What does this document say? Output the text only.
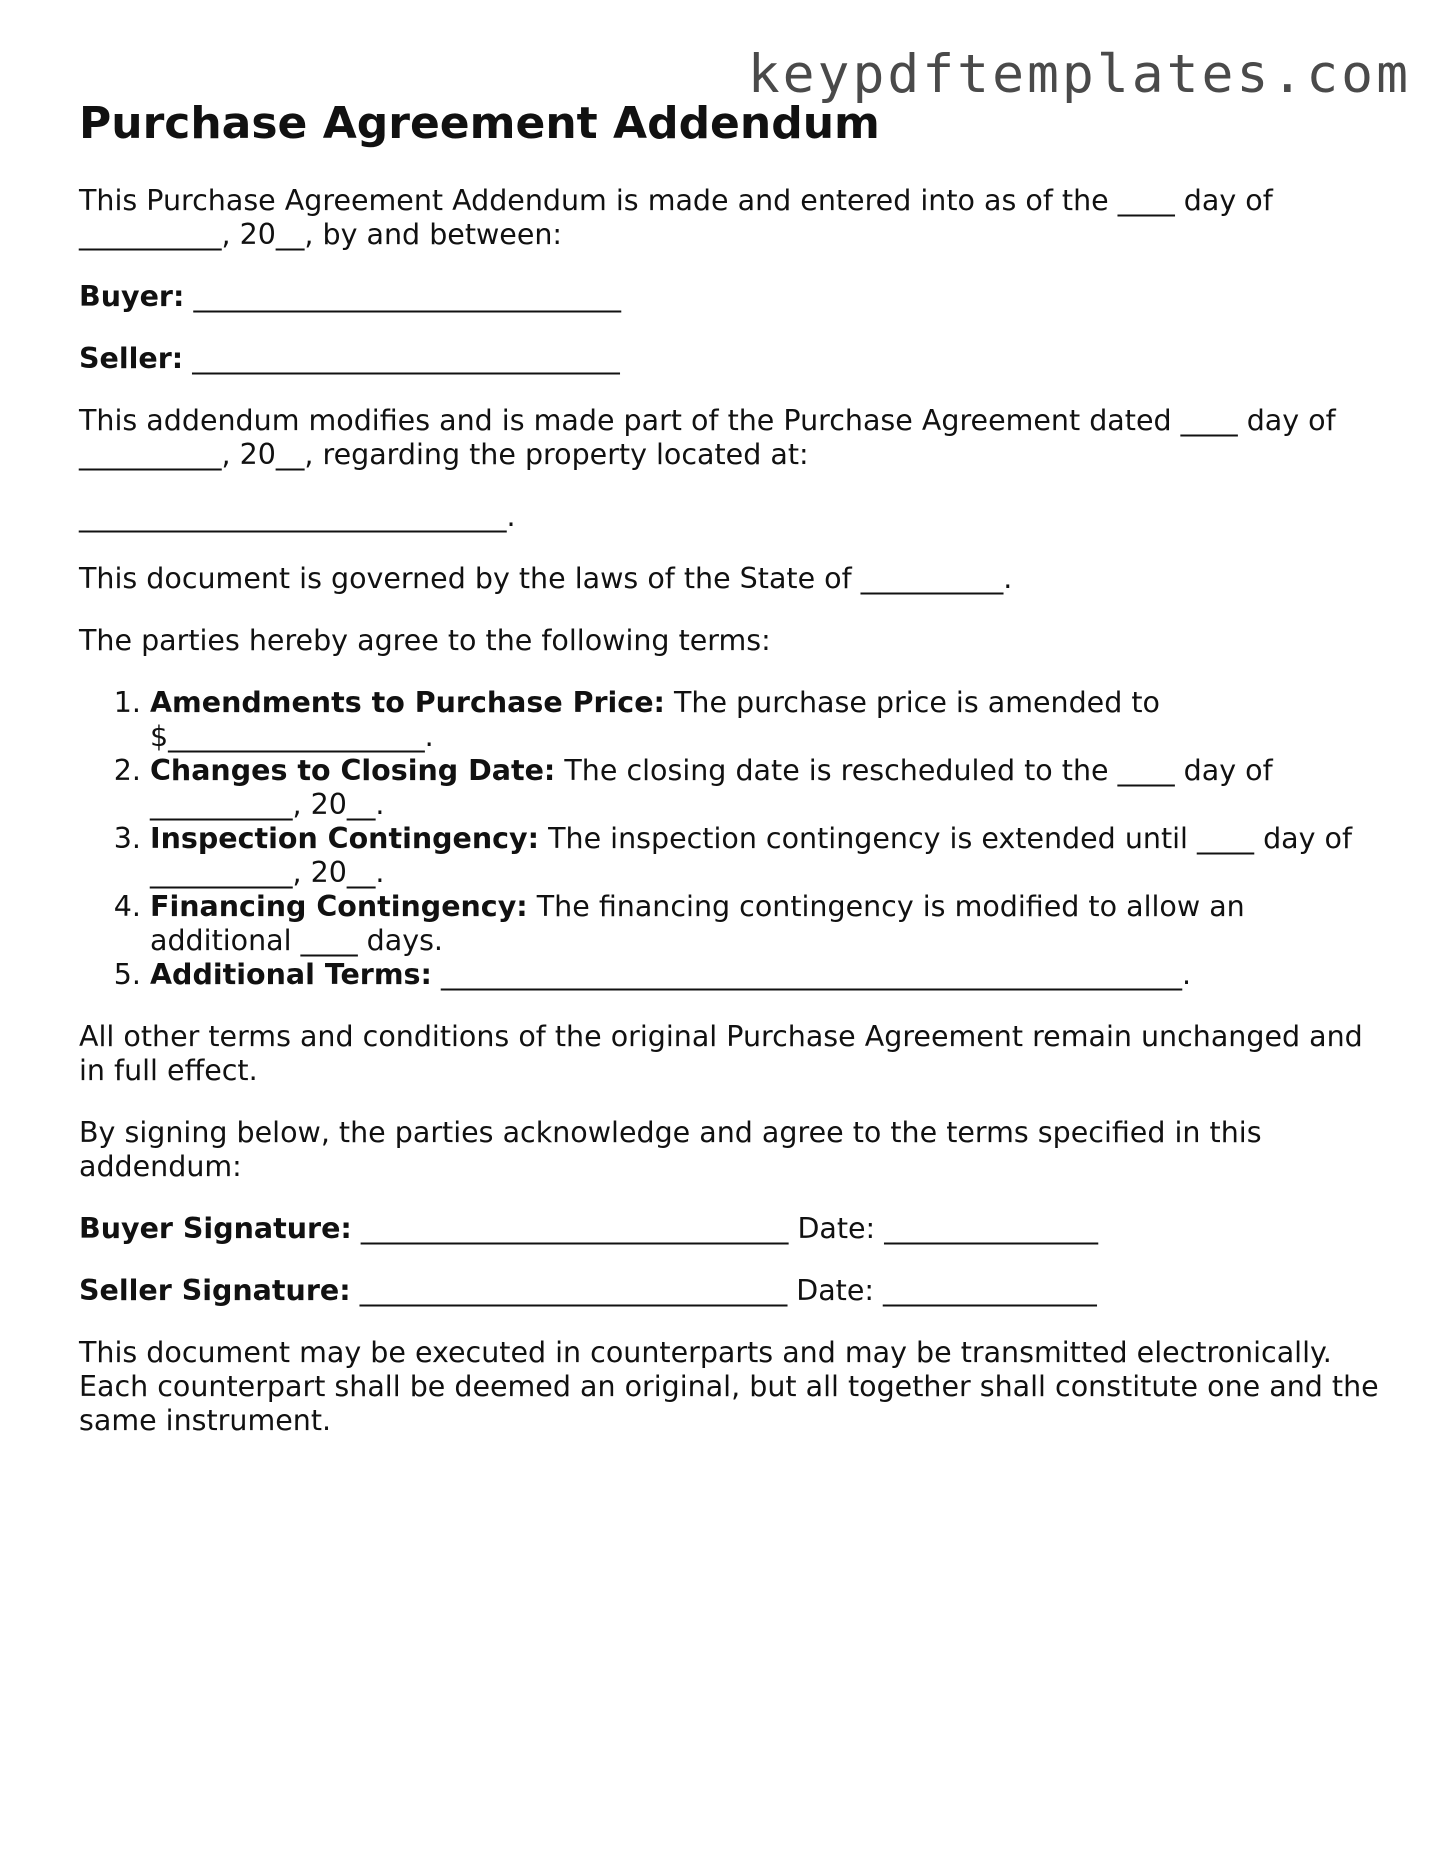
keypdftemplates.com
Purchase Agreement Addendum

This Purchase Agreement Addendum is made and entered into as of the ____ day of __________, 20__, by and between:

Buyer: ______________________________

Seller: ______________________________

This addendum modifies and is made part of the Purchase Agreement dated ____ day of __________, 20__, regarding the property located at:

______________________________.

This document is governed by the laws of the State of __________.

The parties hereby agree to the following terms:

1. Amendments to Purchase Price: The purchase price is amended to $__________________.
2. Changes to Closing Date: The closing date is rescheduled to the ____ day of __________, 20__.
3. Inspection Contingency: The inspection contingency is extended until ____ day of __________, 20__.
4. Financing Contingency: The financing contingency is modified to allow an additional ____ days.
5. Additional Terms: ____________________________________________________.

All other terms and conditions of the original Purchase Agreement remain unchanged and in full effect.

By signing below, the parties acknowledge and agree to the terms specified in this addendum:

Buyer Signature: ______________________________ Date: _______________

Seller Signature: ______________________________ Date: _______________

This document may be executed in counterparts and may be transmitted electronically. Each counterpart shall be deemed an original, but all together shall constitute one and the same instrument.
